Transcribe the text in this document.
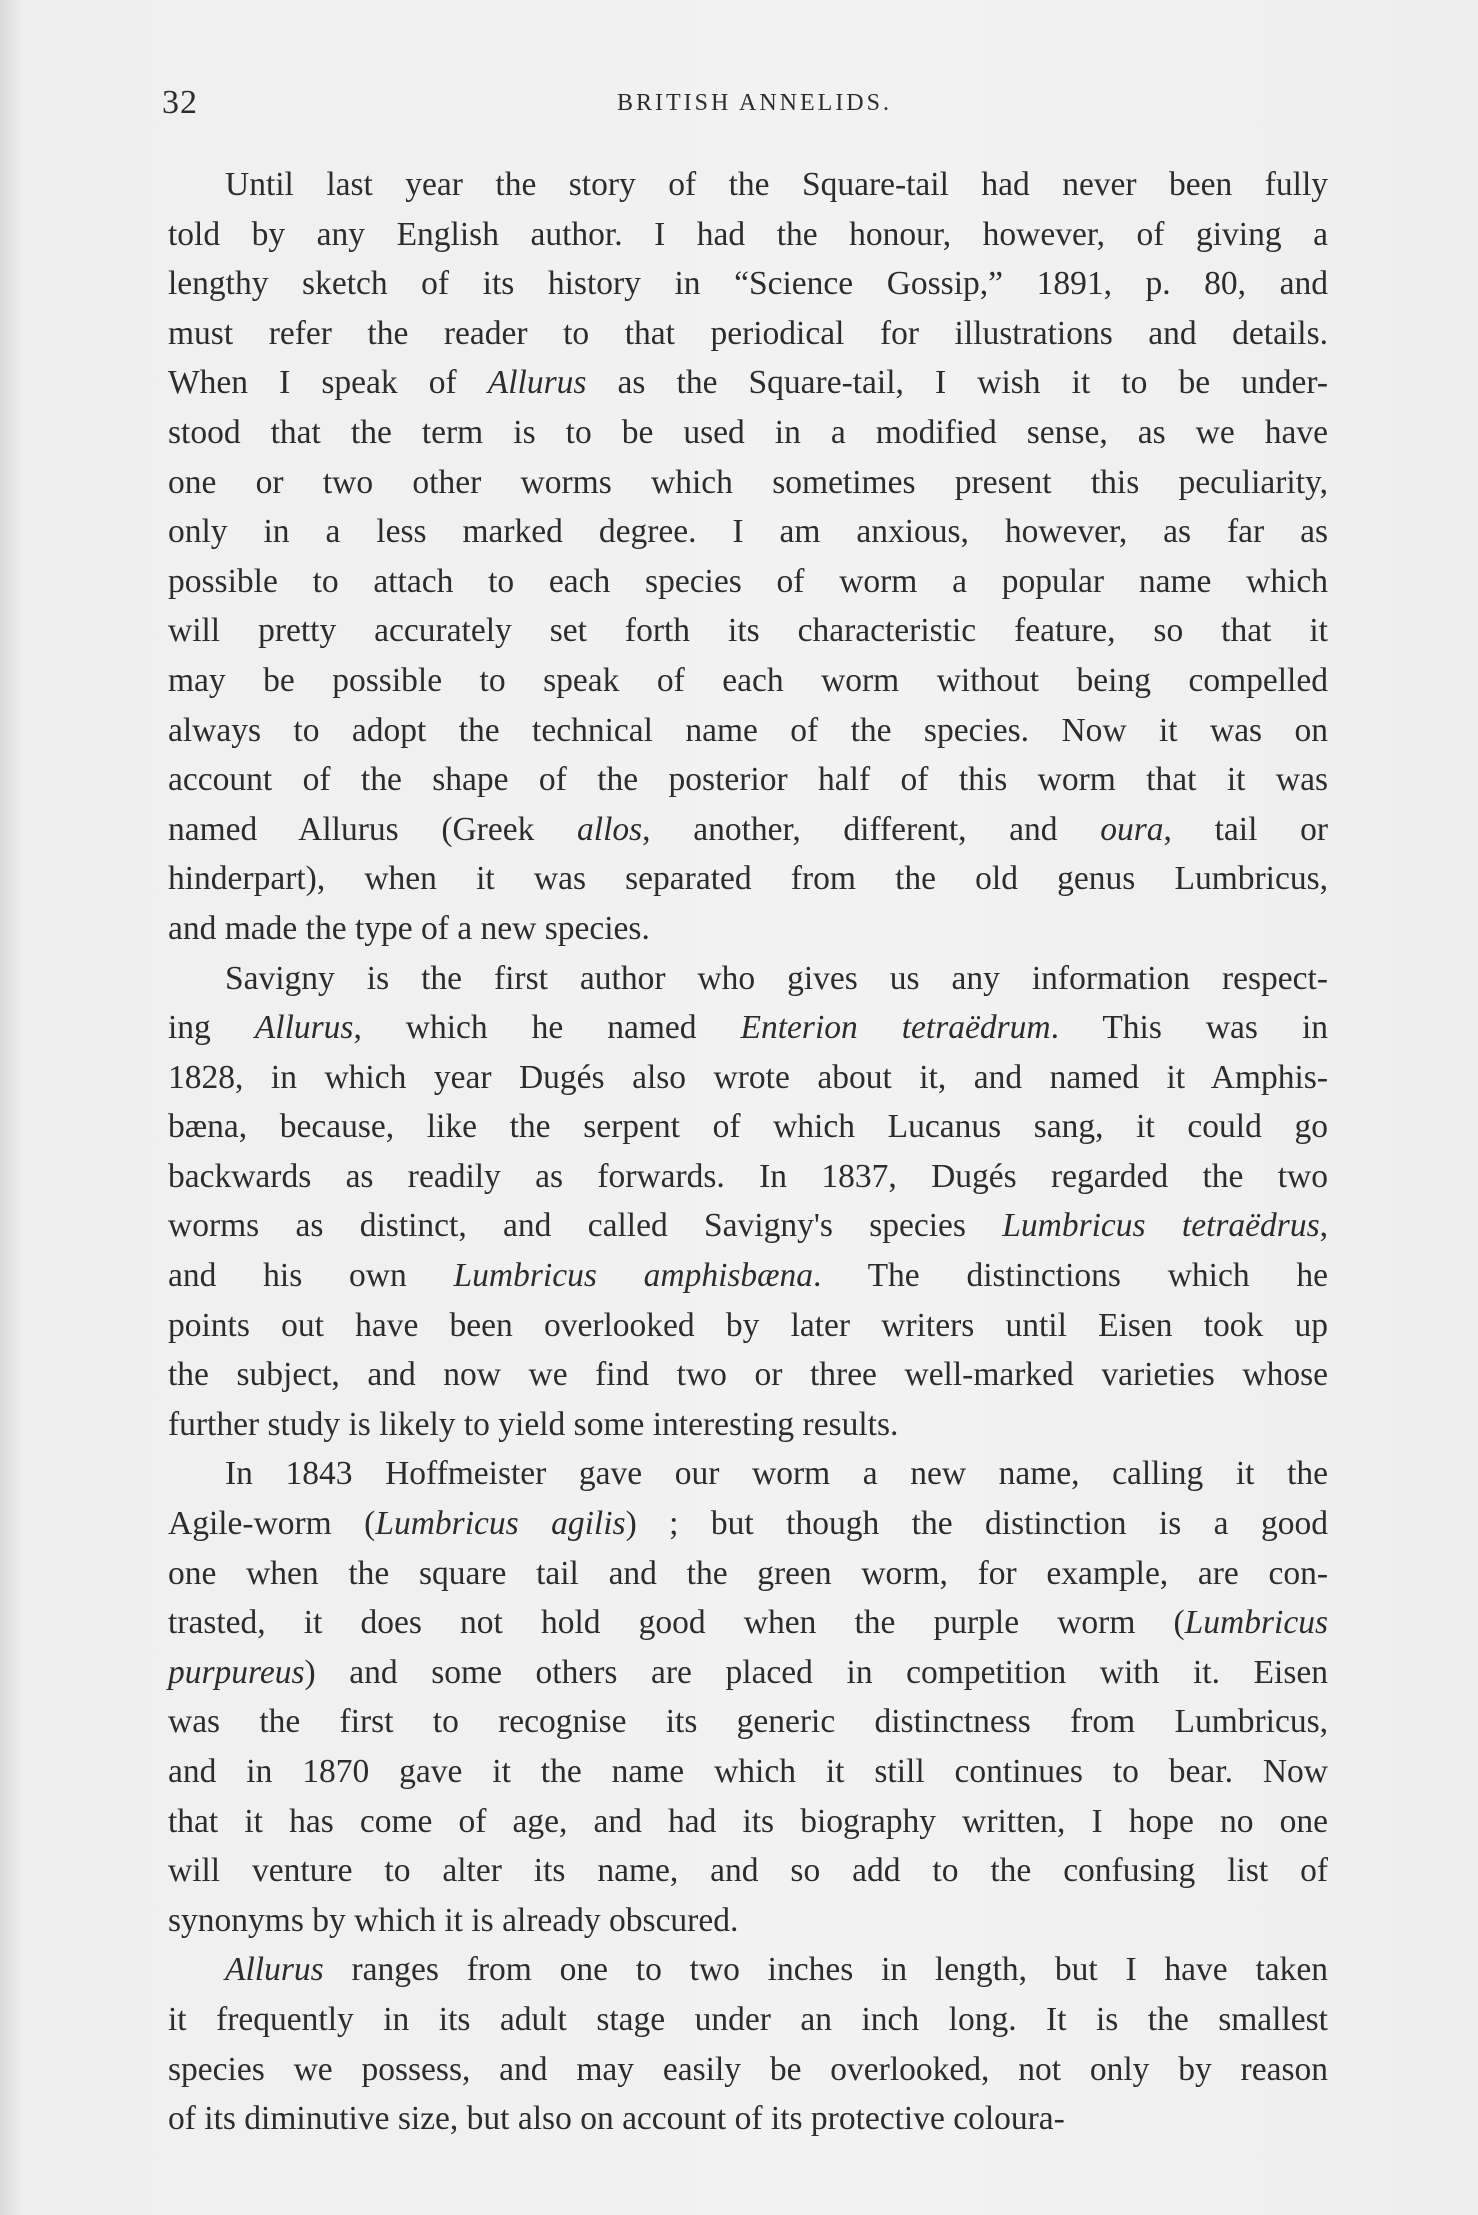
32	BRITISH ANNELIDS.
Until last year the story of the Square-tail had never been fully
told by any English author. I had the honour, however, of giving a
lengthy sketch of its history in “Science Gossip,” 1891, p. 80, and
must refer the reader to that periodical for illustrations and details.
When I speak of Allurus as the Square-tail, I wish it to be under-
stood that the term is to be used in a modified sense, as we have
one or two other worms which sometimes present this peculiarity,
only in a less marked degree. I am anxious, however, as far as
possible to attach to each species of worm a popular name which
will pretty accurately set forth its characteristic feature, so that it
may be possible to speak of each worm without being compelled
always to adopt the technical name of the species. Now it was on
account of the shape of the posterior half of this worm that it was
named Allurus (Greek allos, another, different, and oura, tail or
hinderpart), when it was separated from the old genus Lumbricus,
and made the type of a new species.
Savigny is the first author who gives us any information respect-
ing Allurus, which he named Enterion tetraëdrum. This was in
1828, in which year Dugés also wrote about it, and named it Amphis-
bæna, because, like the serpent of which Lucanus sang, it could go
backwards as readily as forwards. In 1837, Dugés regarded the two
worms as distinct, and called Savigny's species Lumbricus tetraëdrus,
and his own Lumbricus amphisbæna. The distinctions which he
points out have been overlooked by later writers until Eisen took up
the subject, and now we find two or three well-marked varieties whose
further study is likely to yield some interesting results.
In 1843 Hoffmeister gave our worm a new name, calling it the
Agile-worm (Lumbricus agilis) ; but though the distinction is a good
one when the square tail and the green worm, for example, are con-
trasted, it does not hold good when the purple worm (Lumbricus
purpureus) and some others are placed in competition with it. Eisen
was the first to recognise its generic distinctness from Lumbricus,
and in 1870 gave it the name which it still continues to bear. Now
that it has come of age, and had its biography written, I hope no one
will venture to alter its name, and so add to the confusing list of
synonyms by which it is already obscured.
Allurus ranges from one to two inches in length, but I have taken
it frequently in its adult stage under an inch long. It is the smallest
species we possess, and may easily be overlooked, not only by reason
of its diminutive size, but also on account of its protective coloura-
